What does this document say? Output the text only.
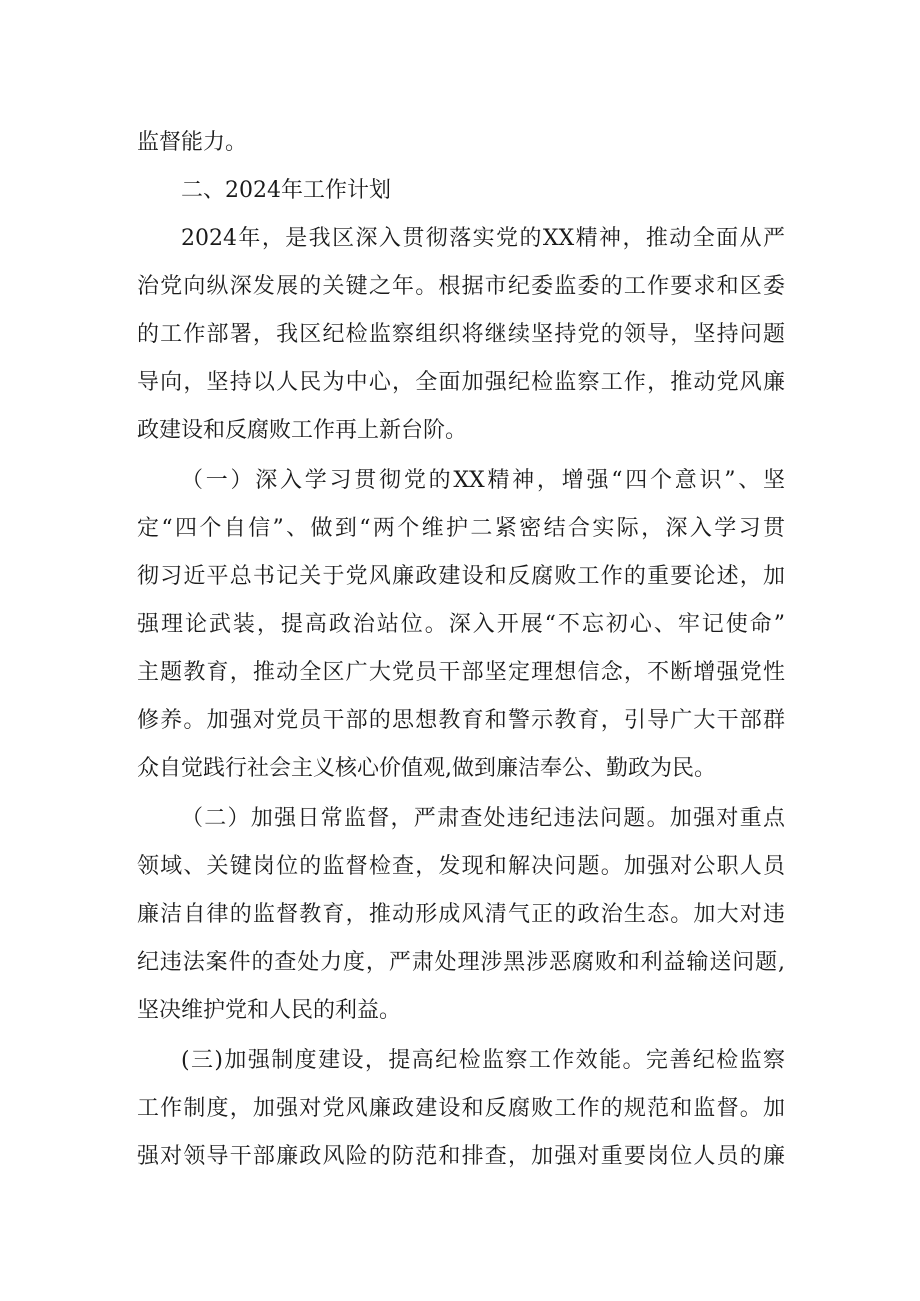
监督能力。
二、2024年工作计划
2024年，是我区深入贯彻落实党的XX精神，推动全面从严
治党向纵深发展的关键之年。根据市纪委监委的工作要求和区委
的工作部署，我区纪检监察组织将继续坚持党的领导，坚持问题
导向，坚持以人民为中心，全面加强纪检监察工作，推动党风廉
政建设和反腐败工作再上新台阶。
（一）深入学习贯彻党的XX精神，增强“四个意识”、坚
定“四个自信”、做到“两个维护二紧密结合实际，深入学习贯
彻习近平总书记关于党风廉政建设和反腐败工作的重要论述，加
强理论武装，提高政治站位。深入开展“不忘初心、牢记使命”
主题教育，推动全区广大党员干部坚定理想信念，不断增强党性
修养。加强对党员干部的思想教育和警示教育，引导广大干部群
众自觉践行社会主义核心价值观,做到廉洁奉公、勤政为民。
（二）加强日常监督，严肃查处违纪违法问题。加强对重点
领域、关键岗位的监督检查，发现和解决问题。加强对公职人员
廉洁自律的监督教育，推动形成风清气正的政治生态。加大对违
纪违法案件的查处力度，严肃处理涉黑涉恶腐败和利益输送问题,
坚决维护党和人民的利益。
(三)加强制度建设，提高纪检监察工作效能。完善纪检监察
工作制度，加强对党风廉政建设和反腐败工作的规范和监督。加
强对领导干部廉政风险的防范和排查，加强对重要岗位人员的廉
